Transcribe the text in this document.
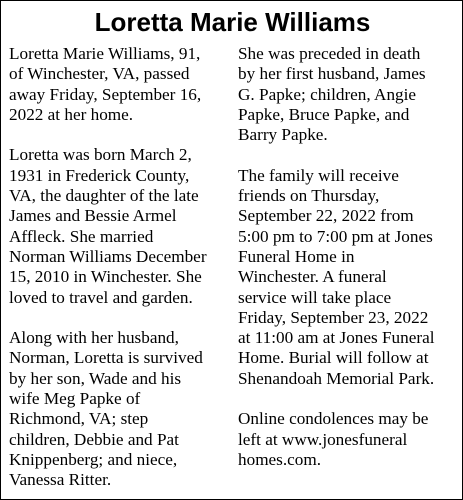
Loretta Marie Williams

Loretta Marie Williams, 91,
of Winchester, VA, passed
away Friday, September 16,
2022 at her home.

Loretta was born March 2,
1931 in Frederick County,
VA, the daughter of the late
James and Bessie Armel
Affleck. She married
Norman Williams December
15, 2010 in Winchester. She
loved to travel and garden.

Along with her husband,
Norman, Loretta is survived
by her son, Wade and his
wife Meg Papke of
Richmond, VA; step
children, Debbie and Pat
Knippenberg; and niece,
Vanessa Ritter.

She was preceded in death
by her first husband, James
G. Papke; children, Angie
Papke, Bruce Papke, and
Barry Papke.

The family will receive
friends on Thursday,
September 22, 2022 from
5:00 pm to 7:00 pm at Jones
Funeral Home in
Winchester. A funeral
service will take place
Friday, September 23, 2022
at 11:00 am at Jones Funeral
Home. Burial will follow at
Shenandoah Memorial Park.

Online condolences may be
left at www.jonesfuneral
homes.com.
